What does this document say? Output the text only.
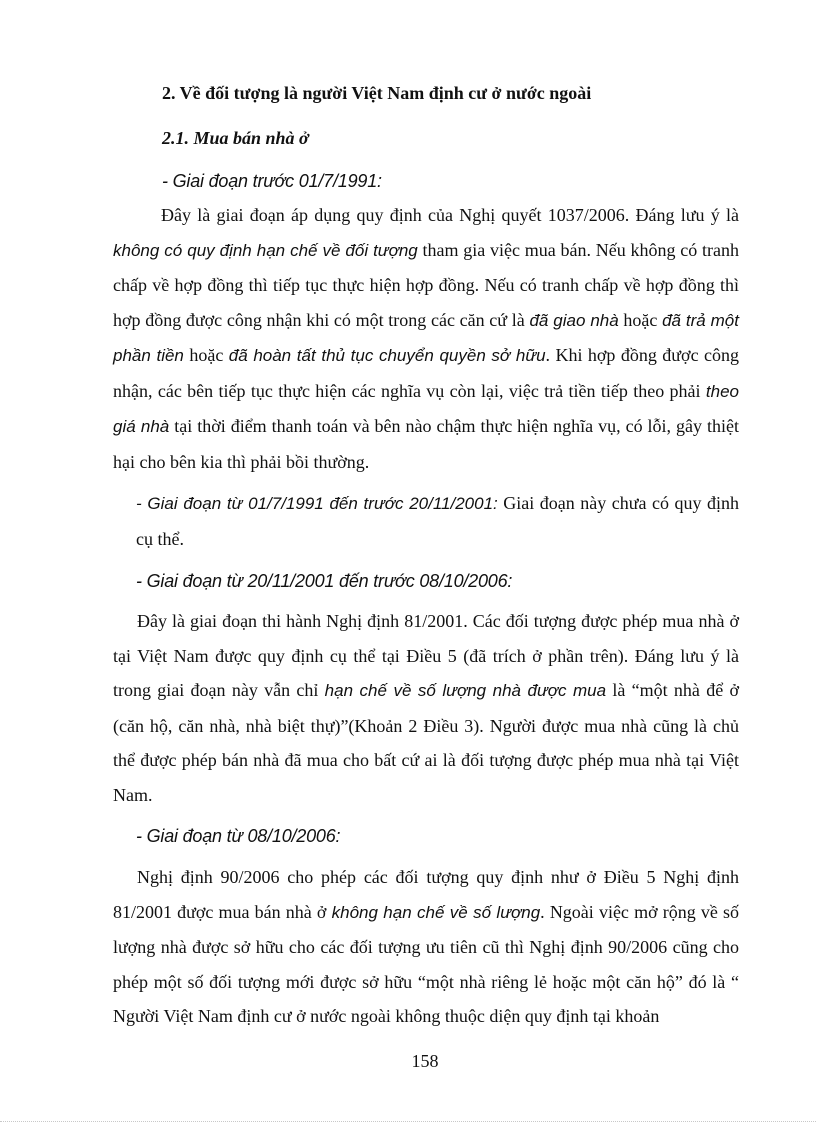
2. Về đối tượng là người Việt Nam định cư ở nước ngoài
2.1. Mua bán nhà ở
- Giai đoạn trước 01/7/1991:

Đây là giai đoạn áp dụng quy định của Nghị quyết 1037/2006. Đáng lưu ý là không có quy định hạn chế về đối tượng tham gia việc mua bán. Nếu không có tranh chấp về hợp đồng thì tiếp tục thực hiện hợp đồng. Nếu có tranh chấp về hợp đồng thì hợp đồng được công nhận khi có một trong các căn cứ là đã giao nhà hoặc đã trả một phần tiền hoặc đã hoàn tất thủ tục chuyển quyền sở hữu. Khi hợp đồng được công nhận, các bên tiếp tục thực hiện các nghĩa vụ còn lại, việc trả tiền tiếp theo phải theo giá nhà tại thời điểm thanh toán và bên nào chậm thực hiện nghĩa vụ, có lỗi, gây thiệt hại cho bên kia thì phải bồi thường.

- Giai đoạn từ 01/7/1991 đến trước 20/11/2001: Giai đoạn này chưa có quy định cụ thể.

- Giai đoạn từ 20/11/2001 đến trước 08/10/2006:

Đây là giai đoạn thi hành Nghị định 81/2001. Các đối tượng được phép mua nhà ở tại Việt Nam được quy định cụ thể tại Điều 5 (đã trích ở phần trên). Đáng lưu ý là trong giai đoạn này vẫn chỉ hạn chế về số lượng nhà được mua là “một nhà để ở (căn hộ, căn nhà, nhà biệt thự)”(Khoản 2 Điều 3). Người được mua nhà cũng là chủ thể được phép bán nhà đã mua cho bất cứ ai là đối tượng được phép mua nhà tại Việt Nam.

- Giai đoạn từ 08/10/2006:

Nghị định 90/2006 cho phép các đối tượng quy định như ở Điều 5 Nghị định 81/2001 được mua bán nhà ở không hạn chế về số lượng. Ngoài việc mở rộng về số lượng nhà được sở hữu cho các đối tượng ưu tiên cũ thì Nghị định 90/2006 cũng cho phép một số đối tượng mới được sở hữu “một nhà riêng lẻ hoặc một căn hộ” đó là “ Người Việt Nam định cư ở nước ngoài không thuộc diện quy định tại khoản

158
